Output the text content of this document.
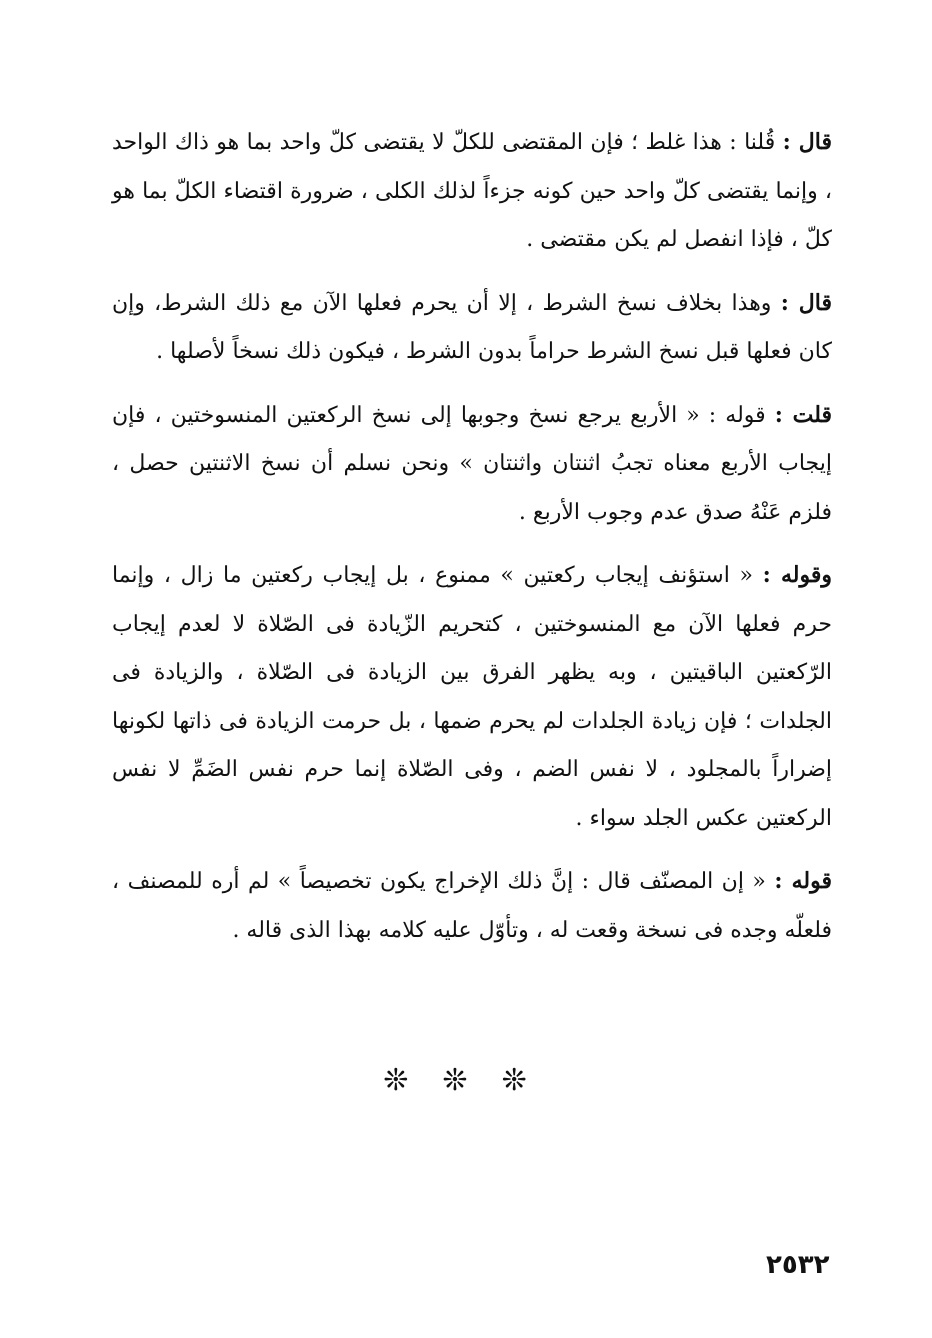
قال : قُلنا : هذا غلط ؛ فإن المقتضى للكلّ لا يقتضى كلّ واحد بما هو ذاك الواحد ، وإنما يقتضى كلّ واحد حين كونه جزءاً لذلك الكلى ، ضرورة اقتضاء الكلّ بما هو كلّ ، فإذا انفصل لم يكن مقتضى .

قال : وهذا بخلاف نسخ الشرط ، إلا أن يحرم فعلها الآن مع ذلك الشرط، وإن كان فعلها قبل نسخ الشرط حراماً بدون الشرط ، فيكون ذلك نسخاً لأصلها .

قلت : قوله : « الأربع يرجع نسخ وجوبها إلى نسخ الركعتين المنسوختين ، فإن إيجاب الأربع معناه تجبُ اثنتان واثنتان » ونحن نسلم أن نسخ الاثنتين حصل ، فلزم عَنْهُ صدق عدم وجوب الأربع .

وقوله : « استؤنف إيجاب ركعتين » ممنوع ، بل إيجاب ركعتين ما زال ، وإنما حرم فعلها الآن مع المنسوختين ، كتحريم الزّيادة فى الصّلاة لا لعدم إيجاب الرّكعتين الباقيتين ، وبه يظهر الفرق بين الزيادة فى الصّلاة ، والزيادة فى الجلدات ؛ فإن زيادة الجلدات لم يحرم ضمها ، بل حرمت الزيادة فى ذاتها لكونها إضراراً بالمجلود ، لا نفس الضم ، وفى الصّلاة إنما حرم نفس الضَمِّ لا نفس الركعتين عكس الجلد سواء .

قوله : « إن المصنّف قال : إنَّ ذلك الإخراج يكون تخصيصاً » لم أره للمصنف ، فلعلّه وجده فى نسخة وقعت له ، وتأوّل عليه كلامه بهذا الذى قاله .

❊ ❊ ❊
٢٥٣٢
